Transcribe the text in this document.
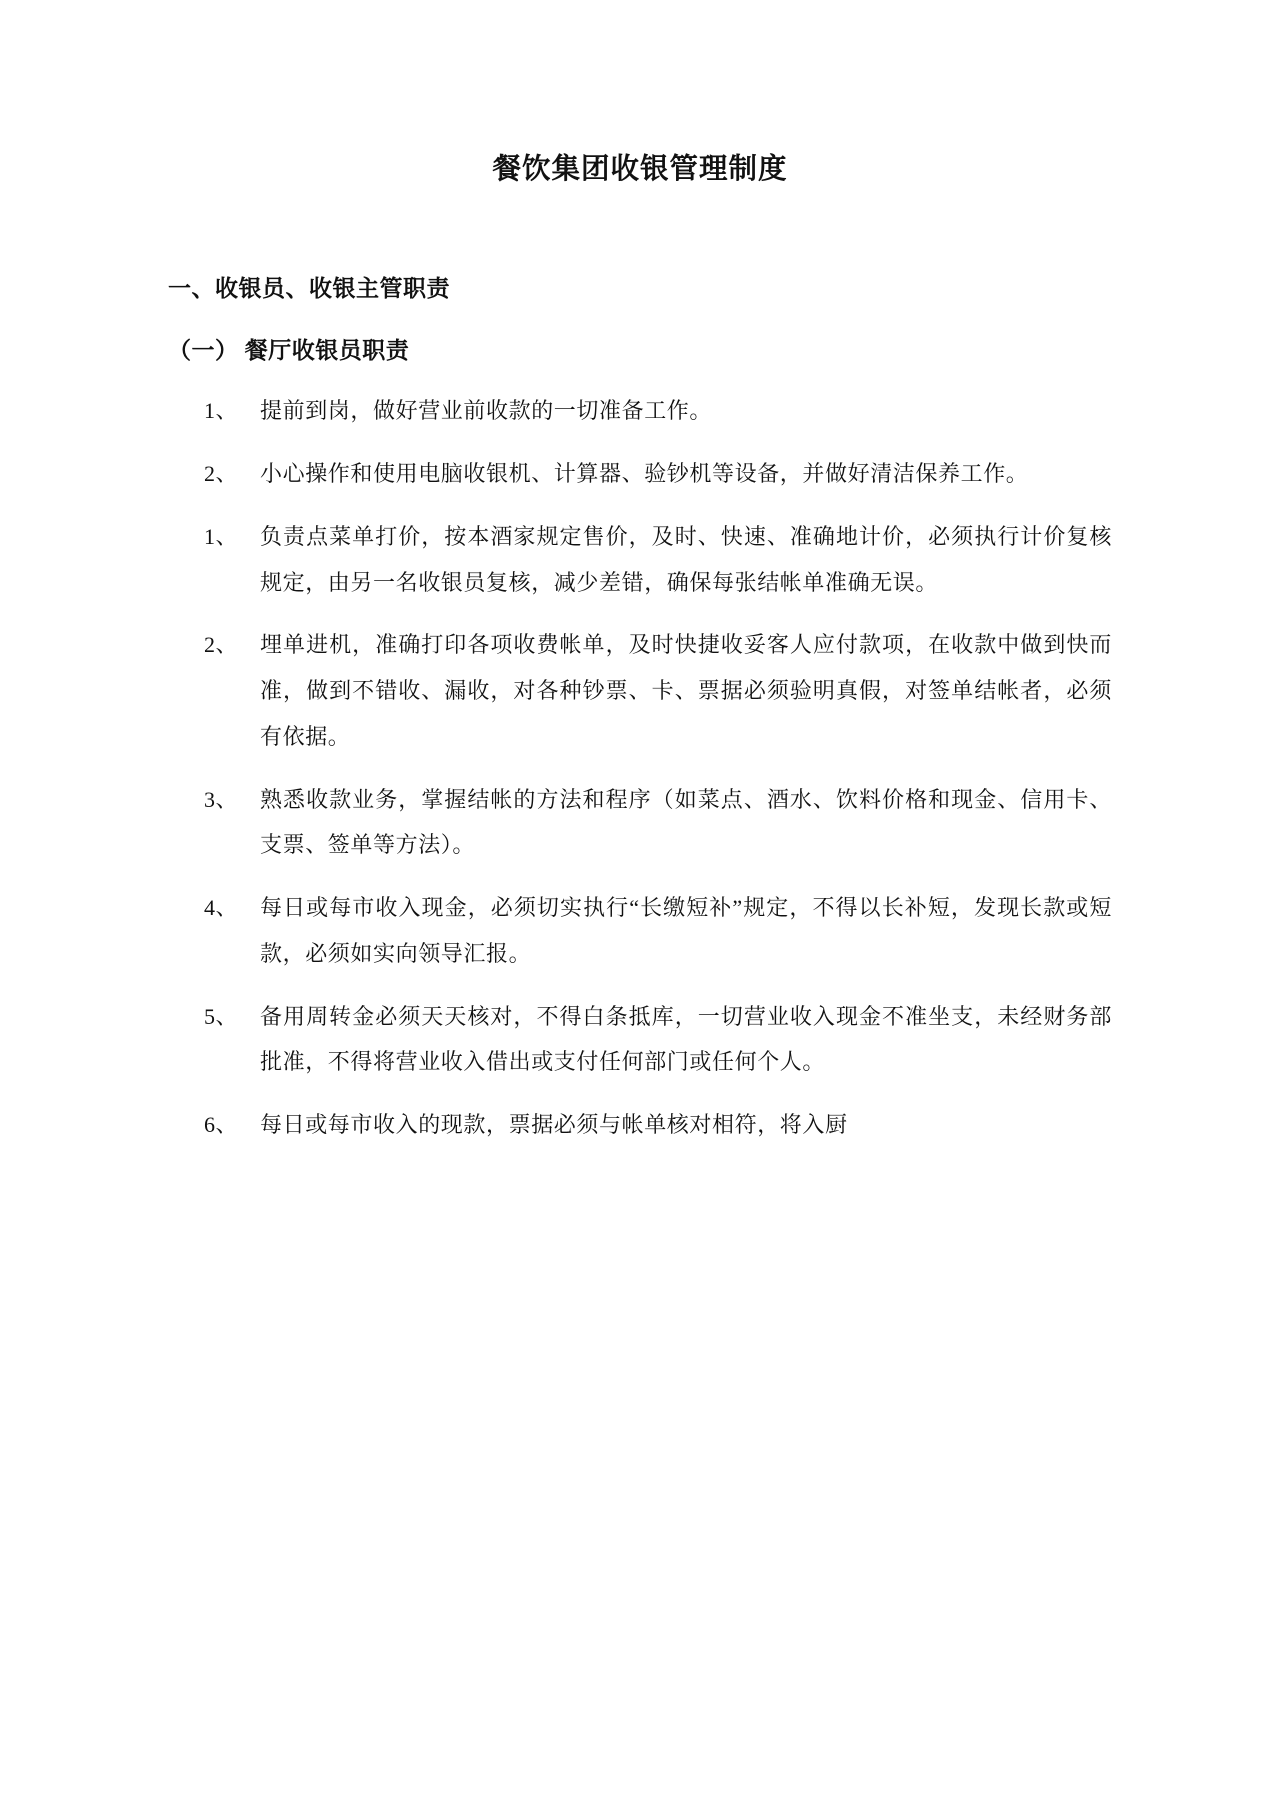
餐饮集团收银管理制度
一、收银员、收银主管职责
（一） 餐厅收银员职责
1、 提前到岗，做好营业前收款的一切准备工作。
2、 小心操作和使用电脑收银机、计算器、验钞机等设备，并做好清洁保养工作。
1、 负责点菜单打价，按本酒家规定售价，及时、快速、准确地计价，必须执行计价复核规定，由另一名收银员复核，减少差错，确保每张结帐单准确无误。
2、 埋单进机，准确打印各项收费帐单，及时快捷收妥客人应付款项，在收款中做到快而准，做到不错收、漏收，对各种钞票、卡、票据必须验明真假，对签单结帐者，必须有依据。
3、 熟悉收款业务，掌握结帐的方法和程序（如菜点、酒水、饮料价格和现金、信用卡、支票、签单等方法）。
4、 每日或每市收入现金，必须切实执行“长缴短补”规定，不得以长补短，发现长款或短款，必须如实向领导汇报。
5、 备用周转金必须天天核对，不得白条抵库，一切营业收入现金不准坐支，未经财务部批准，不得将营业收入借出或支付任何部门或任何个人。
6、 每日或每市收入的现款，票据必须与帐单核对相符，将入厨
